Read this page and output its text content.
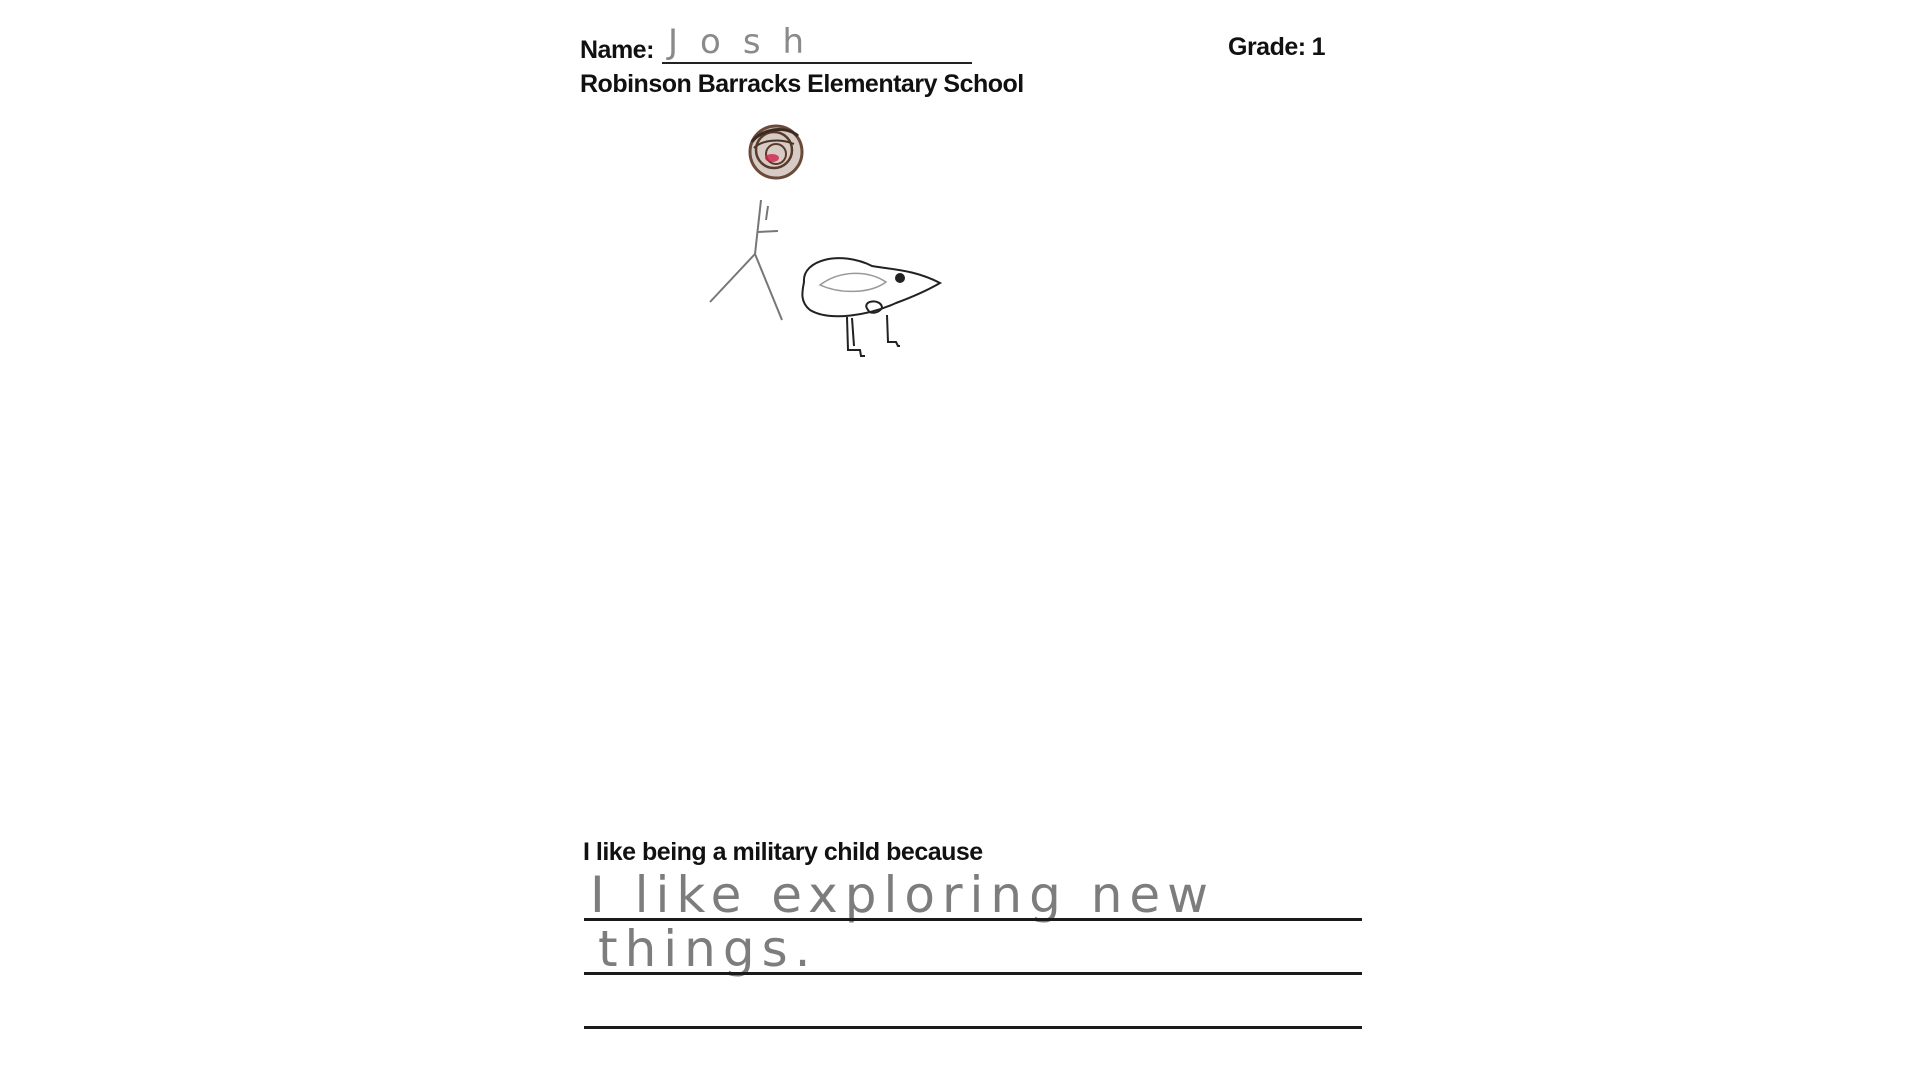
Name: Josh
Robinson Barracks Elementary School
Grade: 1
I like being a military child because
I like exploring new
things.
